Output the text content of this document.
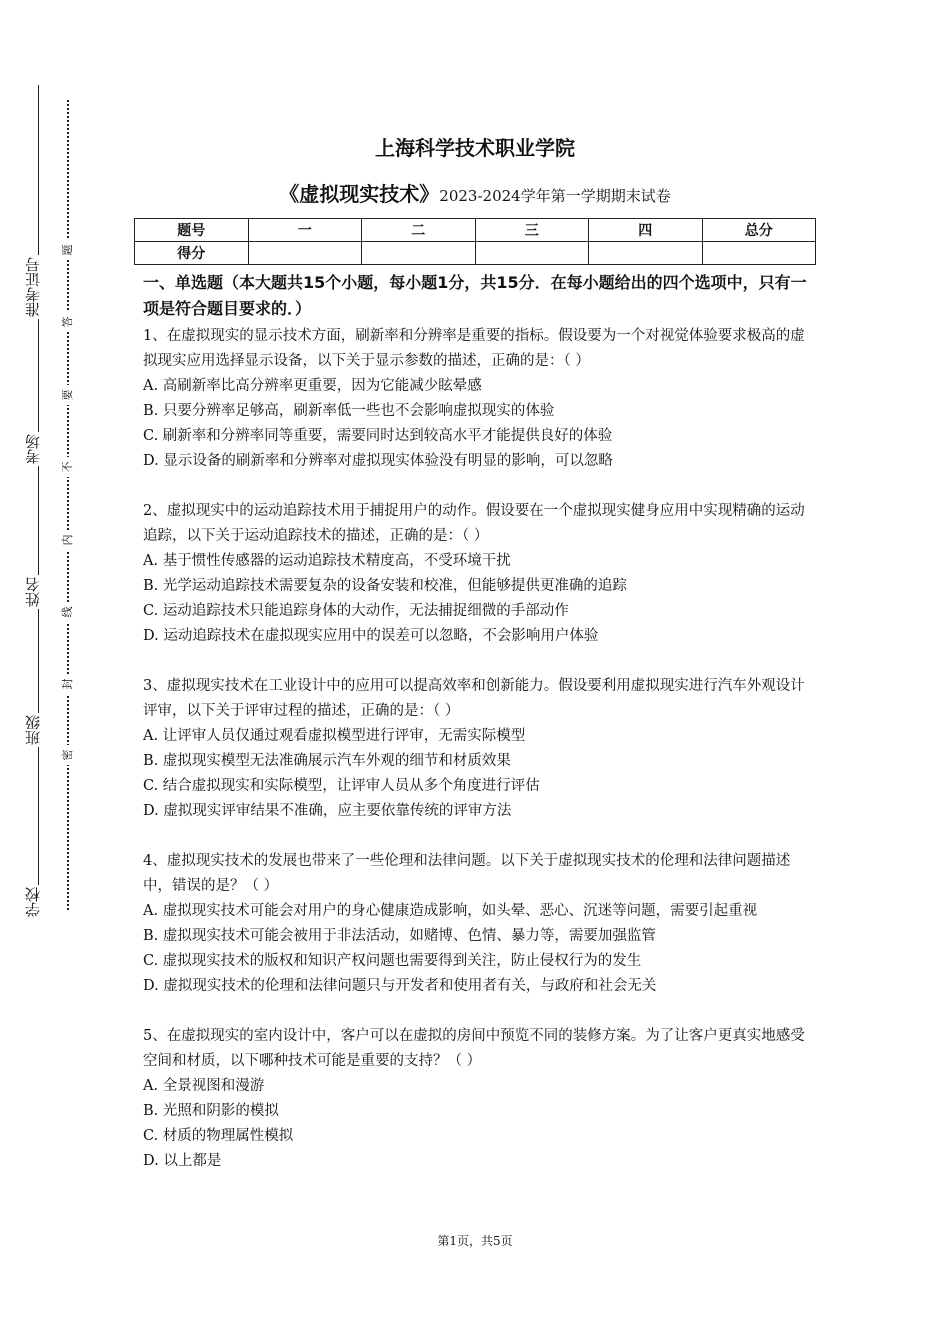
准考证号
考场
姓名
班级
学校
题
答
要
不
内
线
封
密
上海科学技术职业学院
《虚拟现实技术》2023-2024学年第一学期期末试卷
题号	一	二	三	四	总分
得分					
一、单选题（本大题共15个小题，每小题1分，共15分．在每小题给出的四个选项中，只有一项是符合题目要求的．）
1、在虚拟现实的显示技术方面，刷新率和分辨率是重要的指标。假设要为一个对视觉体验要求极高的虚拟现实应用选择显示设备，以下关于显示参数的描述，正确的是：（ ）
A. 高刷新率比高分辨率更重要，因为它能减少眩晕感
B. 只要分辨率足够高，刷新率低一些也不会影响虚拟现实的体验
C. 刷新率和分辨率同等重要，需要同时达到较高水平才能提供良好的体验
D. 显示设备的刷新率和分辨率对虚拟现实体验没有明显的影响，可以忽略
2、虚拟现实中的运动追踪技术用于捕捉用户的动作。假设要在一个虚拟现实健身应用中实现精确的运动追踪，以下关于运动追踪技术的描述，正确的是：（ ）
A. 基于惯性传感器的运动追踪技术精度高，不受环境干扰
B. 光学运动追踪技术需要复杂的设备安装和校准，但能够提供更准确的追踪
C. 运动追踪技术只能追踪身体的大动作，无法捕捉细微的手部动作
D. 运动追踪技术在虚拟现实应用中的误差可以忽略，不会影响用户体验
3、虚拟现实技术在工业设计中的应用可以提高效率和创新能力。假设要利用虚拟现实进行汽车外观设计评审，以下关于评审过程的描述，正确的是：（ ）
A. 让评审人员仅通过观看虚拟模型进行评审，无需实际模型
B. 虚拟现实模型无法准确展示汽车外观的细节和材质效果
C. 结合虚拟现实和实际模型，让评审人员从多个角度进行评估
D. 虚拟现实评审结果不准确，应主要依靠传统的评审方法
4、虚拟现实技术的发展也带来了一些伦理和法律问题。以下关于虚拟现实技术的伦理和法律问题描述中，错误的是？（ ）
A. 虚拟现实技术可能会对用户的身心健康造成影响，如头晕、恶心、沉迷等问题，需要引起重视
B. 虚拟现实技术可能会被用于非法活动，如赌博、色情、暴力等，需要加强监管
C. 虚拟现实技术的版权和知识产权问题也需要得到关注，防止侵权行为的发生
D. 虚拟现实技术的伦理和法律问题只与开发者和使用者有关，与政府和社会无关
5、在虚拟现实的室内设计中，客户可以在虚拟的房间中预览不同的装修方案。为了让客户更真实地感受空间和材质，以下哪种技术可能是重要的支持？（ ）
A. 全景视图和漫游
B. 光照和阴影的模拟
C. 材质的物理属性模拟
D. 以上都是
第1页，共5页
